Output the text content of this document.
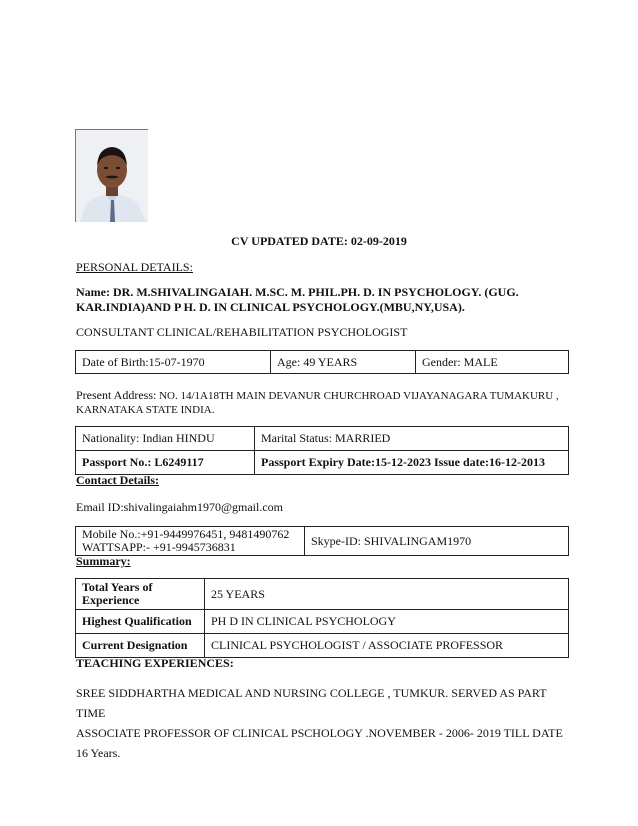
CV UPDATED DATE: 02-09-2019
PERSONAL DETAILS:
Name: DR. M.SHIVALINGAIAH. M.SC. M. PHIL.PH. D. IN PSYCHOLOGY. (GUG.
KAR.INDIA)AND P H. D. IN CLINICAL PSYCHOLOGY.(MBU,NY,USA).
CONSULTANT CLINICAL/REHABILITATION PSYCHOLOGIST
Date of Birth:15-07-1970	Age: 49 YEARS	Gender: MALE
Present Address: NO. 14/1A18TH MAIN DEVANUR CHURCHROAD VIJAYANAGARA TUMAKURU ,
KARNATAKA STATE INDIA.
Nationality: Indian HINDU	Marital Status: MARRIED
Passport No.: L6249117	Passport Expiry Date:15-12-2023 Issue date:16-12-2013
Contact Details:
Email ID:shivalingaiahm1970@gmail.com
Mobile No.:+91-9449976451, 9481490762
WATTSAPP:- +91-9945736831	Skype-ID: SHIVALINGAM1970
Summary:
Total Years of Experience	25 YEARS
Highest Qualification	PH D IN CLINICAL PSYCHOLOGY
Current Designation	CLINICAL PSYCHOLOGIST / ASSOCIATE PROFESSOR
TEACHING EXPERIENCES:
SREE SIDDHARTHA MEDICAL AND NURSING COLLEGE , TUMKUR. SERVED AS PART TIME
ASSOCIATE PROFESSOR OF CLINICAL PSCHOLOGY .NOVEMBER - 2006- 2019 TILL DATE
16 Years.
